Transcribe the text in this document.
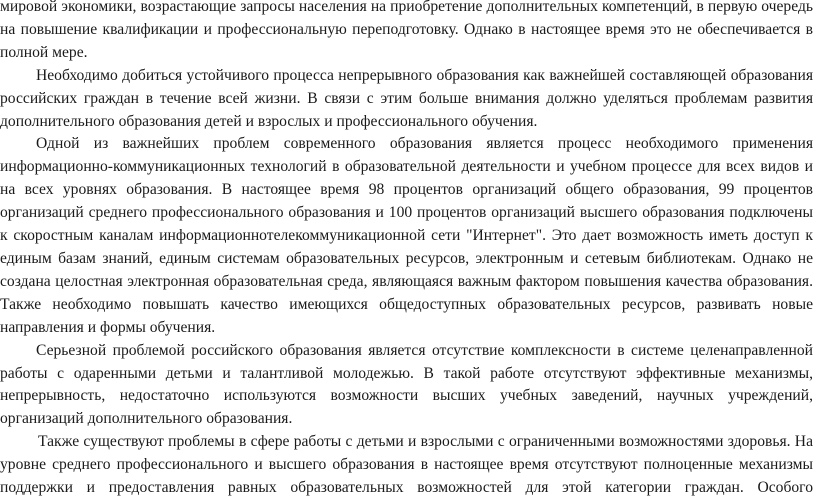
мировой экономики, возрастающие запросы населения на приобретение дополнительных компетенций, в первую очередь на повышение квалификации и профессиональную переподготовку. Однако в настоящее время это не обеспечивается в полной мере.

Необходимо добиться устойчивого процесса непрерывного образования как важнейшей составляющей образования российских граждан в течение всей жизни. В связи с этим больше внимания должно уделяться проблемам развития дополнительного образования детей и взрослых и профессионального обучения.

Одной из важнейших проблем современного образования является процесс необходимого применения информационно-коммуникационных технологий в образовательной деятельности и учебном процессе для всех видов и на всех уровнях образования. В настоящее время 98 процентов организаций общего образования, 99 процентов организаций среднего профессионального образования и 100 процентов организаций высшего образования подключены к скоростным каналам информационнотелекоммуникационной сети "Интернет". Это дает возможность иметь доступ к единым базам знаний, единым системам образовательных ресурсов, электронным и сетевым библиотекам. Однако не создана целостная электронная образовательная среда, являющаяся важным фактором повышения качества образования. Также необходимо повышать качество имеющихся общедоступных образовательных ресурсов, развивать новые направления и формы обучения.

Серьезной проблемой российского образования является отсутствие комплексности в системе целенаправленной работы с одаренными детьми и талантливой молодежью. В такой работе отсутствуют эффективные механизмы, непрерывность, недостаточно используются возможности высших учебных заведений, научных учреждений, организаций дополнительного образования.

Также существуют проблемы в сфере работы с детьми и взрослыми с ограниченными возможностями здоровья. На уровне среднего профессионального и высшего образования в настоящее время отсутствуют полноценные механизмы поддержки и предоставления равных образовательных возможностей для этой категории граждан. Особого
